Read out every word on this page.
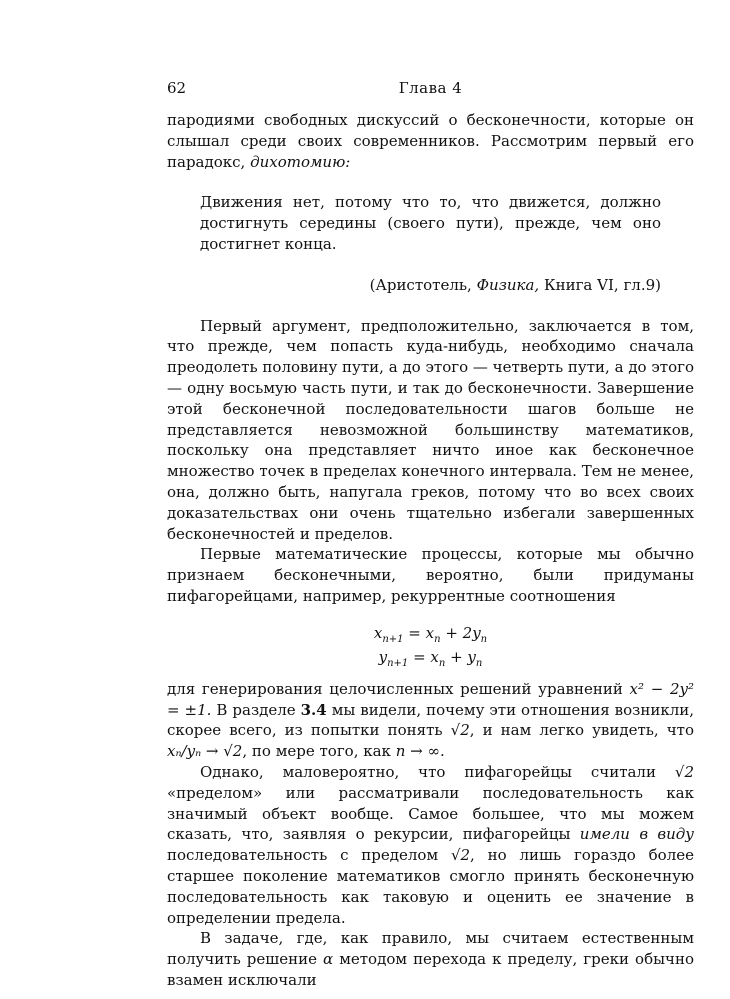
62	Глава 4

пародиями свободных дискуссий о бесконечности, которые он слышал среди своих современников. Рассмотрим первый его парадокс, дихотомию:

Движения нет, потому что то, что движется, должно достигнуть середины (своего пути), прежде, чем оно достигнет конца.

(Аристотель, Физика, Книга VI, гл.9)

Первый аргумент, предположительно, заключается в том, что прежде, чем попасть куда-нибудь, необходимо сначала преодолеть половину пути, а до этого — четверть пути, а до этого — одну восьмую часть пути, и так до бесконечности. Завершение этой бесконечной последовательности шагов больше не представляется невозможной большинству математиков, поскольку она представляет ничто иное как бесконечное множество точек в пределах конечного интервала. Тем не менее, она, должно быть, напугала греков, потому что во всех своих доказательствах они очень тщательно избегали завершенных бесконечностей и пределов.

Первые математические процессы, которые мы обычно признаем бесконечными, вероятно, были придуманы пифагорейцами, например, рекуррентные соотношения

$x_{n+1} = x_n + 2y_n$
$y_{n+1} = x_n + y_n$

для генерирования целочисленных решений уравнений x² − 2y² = ±1. В разделе 3.4 мы видели, почему эти отношения возникли, скорее всего, из попытки понять √2, и нам легко увидеть, что xₙ/yₙ → √2, по мере того, как n → ∞.

Однако, маловероятно, что пифагорейцы считали √2 «пределом» или рассматривали последовательность как значимый объект вообще. Самое большее, что мы можем сказать, что, заявляя о рекурсии, пифагорейцы имели в виду последовательность с пределом √2, но лишь гораздо более старшее поколение математиков смогло принять бесконечную последовательность как таковую и оценить ее значение в определении предела.

В задаче, где, как правило, мы считаем естественным получить решение α методом перехода к пределу, греки обычно взамен исключали
